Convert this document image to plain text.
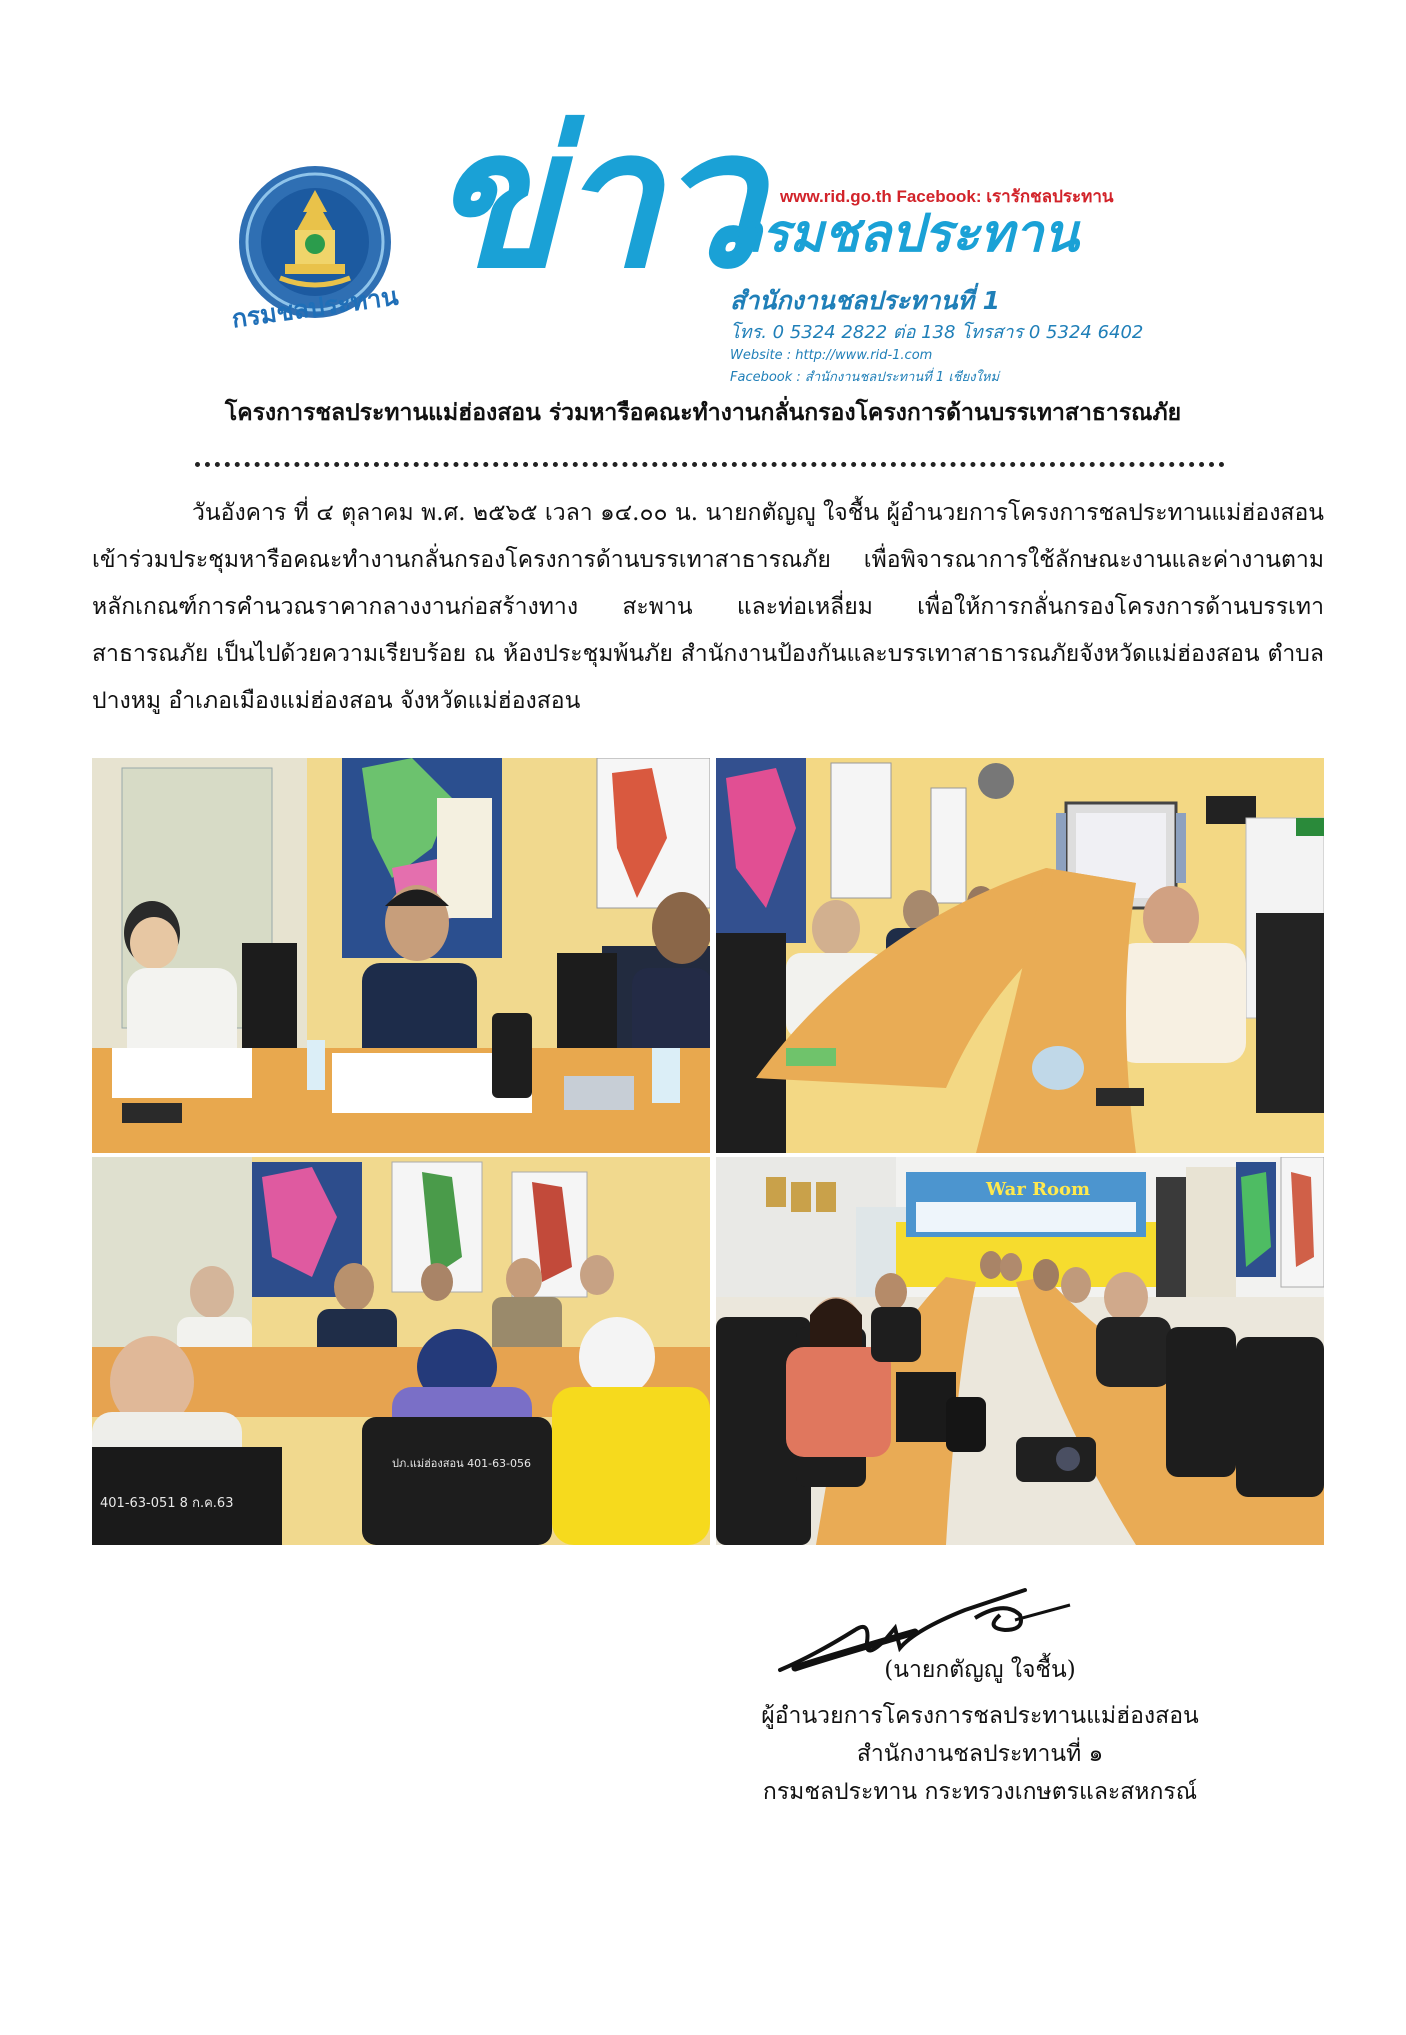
กรมชลประทาน ข่าว www.rid.go.th Facebook: เรารักชลประทาน
กรมชลประทาน
สำนักงานชลประทานที่ 1
โทร. 0 5324 2822 ต่อ 138 โทรสาร 0 5324 6402
Website : http://www.rid-1.com
Facebook : สำนักงานชลประทานที่ 1 เชียงใหม่
โครงการชลประทานแม่ฮ่องสอน ร่วมหารือคณะทำงานกลั่นกรองโครงการด้านบรรเทาสาธารณภัย
วันอังคาร ที่ ๔ ตุลาคม พ.ศ. ๒๕๖๕ เวลา ๑๔.๐๐ น. นายกตัญญู ใจชื้น ผู้อำนวยการโครงการชลประทานแม่ฮ่องสอน เข้าร่วมประชุมหารือคณะทำงานกลั่นกรองโครงการด้านบรรเทาสาธารณภัย เพื่อพิจารณาการใช้ลักษณะงานและค่างานตามหลักเกณฑ์การคำนวณราคากลางงานก่อสร้างทาง สะพาน และท่อเหลี่ยม เพื่อให้การกลั่นกรองโครงการด้านบรรเทาสาธารณภัย เป็นไปด้วยความเรียบร้อย ณ ห้องประชุมพ้นภัย สำนักงานป้องกันและบรรเทาสาธารณภัยจังหวัดแม่ฮ่องสอน ตำบลปางหมู อำเภอเมืองแม่ฮ่องสอน จังหวัดแม่ฮ่องสอน
ปภ.แม่ฮ่องสอน 401-63-056
401-63-051 8 ก.ค.63
War Room
(นายกตัญญู ใจชื้น)
ผู้อำนวยการโครงการชลประทานแม่ฮ่องสอน
สำนักงานชลประทานที่ ๑
กรมชลประทาน กระทรวงเกษตรและสหกรณ์
